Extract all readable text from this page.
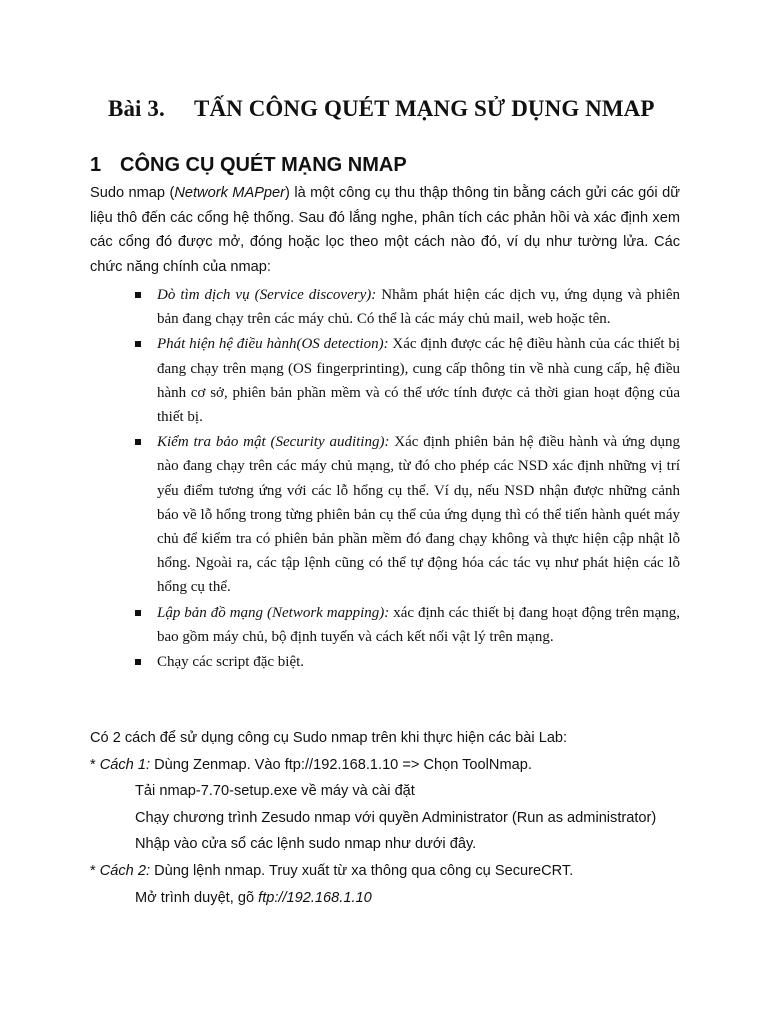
Bài 3. TẤN CÔNG QUÉT MẠNG SỬ DỤNG NMAP
1 CÔNG CỤ QUÉT MẠNG NMAP

Sudo nmap (Network MAPper) là một công cụ thu thập thông tin bằng cách gửi các gói dữ liệu thô đến các cổng hệ thống. Sau đó lắng nghe, phân tích các phản hồi và xác định xem các cổng đó được mở, đóng hoặc lọc theo một cách nào đó, ví dụ như tường lửa. Các chức năng chính của nmap:

Dò tìm dịch vụ (Service discovery): Nhằm phát hiện các dịch vụ, ứng dụng và phiên bản đang chạy trên các máy chủ. Có thể là các máy chủ mail, web hoặc tên.
Phát hiện hệ điều hành(OS detection): Xác định được các hệ điều hành của các thiết bị đang chạy trên mạng (OS fingerprinting), cung cấp thông tin về nhà cung cấp, hệ điều hành cơ sở, phiên bản phần mềm và có thể ước tính được cả thời gian hoạt động của thiết bị.
Kiểm tra bảo mật (Security auditing): Xác định phiên bản hệ điều hành và ứng dụng nào đang chạy trên các máy chủ mạng, từ đó cho phép các NSD xác định những vị trí yếu điểm tương ứng với các lỗ hổng cụ thể. Ví dụ, nếu NSD nhận được những cảnh báo về lỗ hổng trong từng phiên bản cụ thể của ứng dụng thì có thể tiến hành quét máy chủ để kiểm tra có phiên bản phần mềm đó đang chạy không và thực hiện cập nhật lỗ hổng. Ngoài ra, các tập lệnh cũng có thể tự động hóa các tác vụ như phát hiện các lỗ hổng cụ thể.
Lập bản đồ mạng (Network mapping): xác định các thiết bị đang hoạt động trên mạng, bao gồm máy chủ, bộ định tuyến và cách kết nối vật lý trên mạng.
Chạy các script đặc biệt.
Có 2 cách để sử dụng công cụ Sudo nmap trên khi thực hiện các bài Lab:
* Cách 1: Dùng Zenmap. Vào ftp://192.168.1.10 => Chọn ToolNmap.
Tải nmap-7.70-setup.exe về máy và cài đặt
Chạy chương trình Zesudo nmap với quyền Administrator (Run as administrator)
Nhập vào cửa sổ các lệnh sudo nmap như dưới đây.
* Cách 2: Dùng lệnh nmap. Truy xuất từ xa thông qua công cụ SecureCRT.
Mở trình duyệt, gõ ftp://192.168.1.10
